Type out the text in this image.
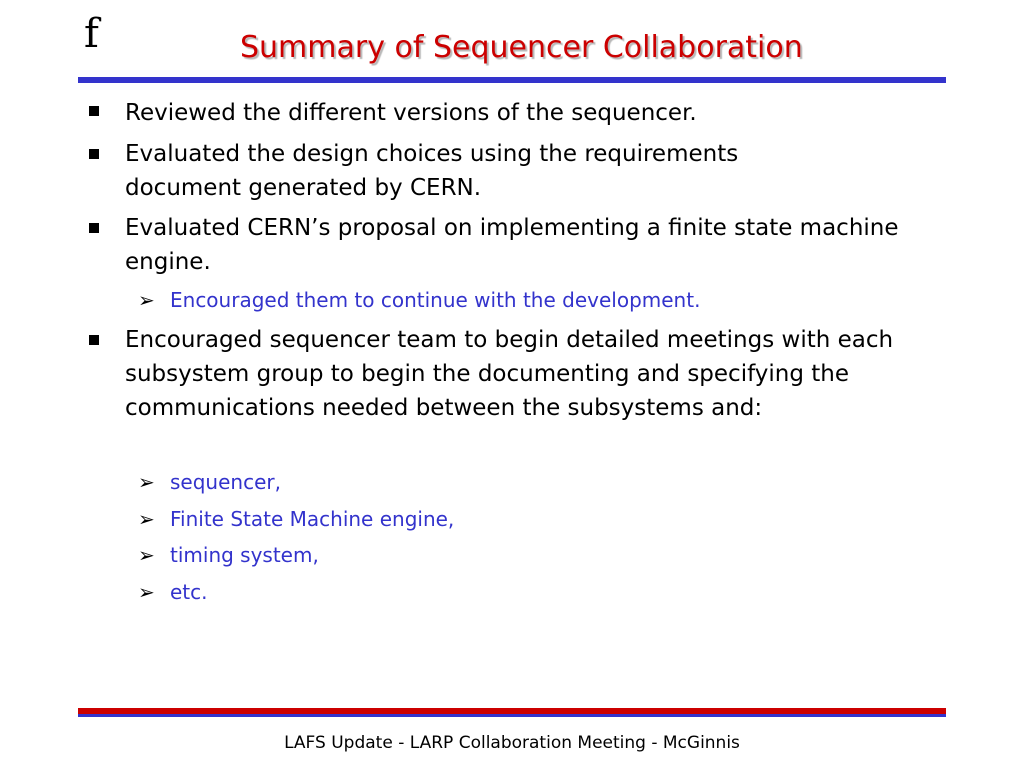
f	Summary of Sequencer Collaboration
Reviewed the different versions of the sequencer.
Evaluated the design choices using the requirements document generated by CERN.
Evaluated CERN’s proposal on implementing a finite state machine engine.
➢ Encouraged them to continue with the development.
Encouraged sequencer team to begin detailed meetings with each subsystem group to begin the documenting and specifying the communications needed between the subsystems and:
➢ sequencer,
➢ Finite State Machine engine,
➢ timing system,
➢ etc.
LAFS Update - LARP Collaboration Meeting - McGinnis
